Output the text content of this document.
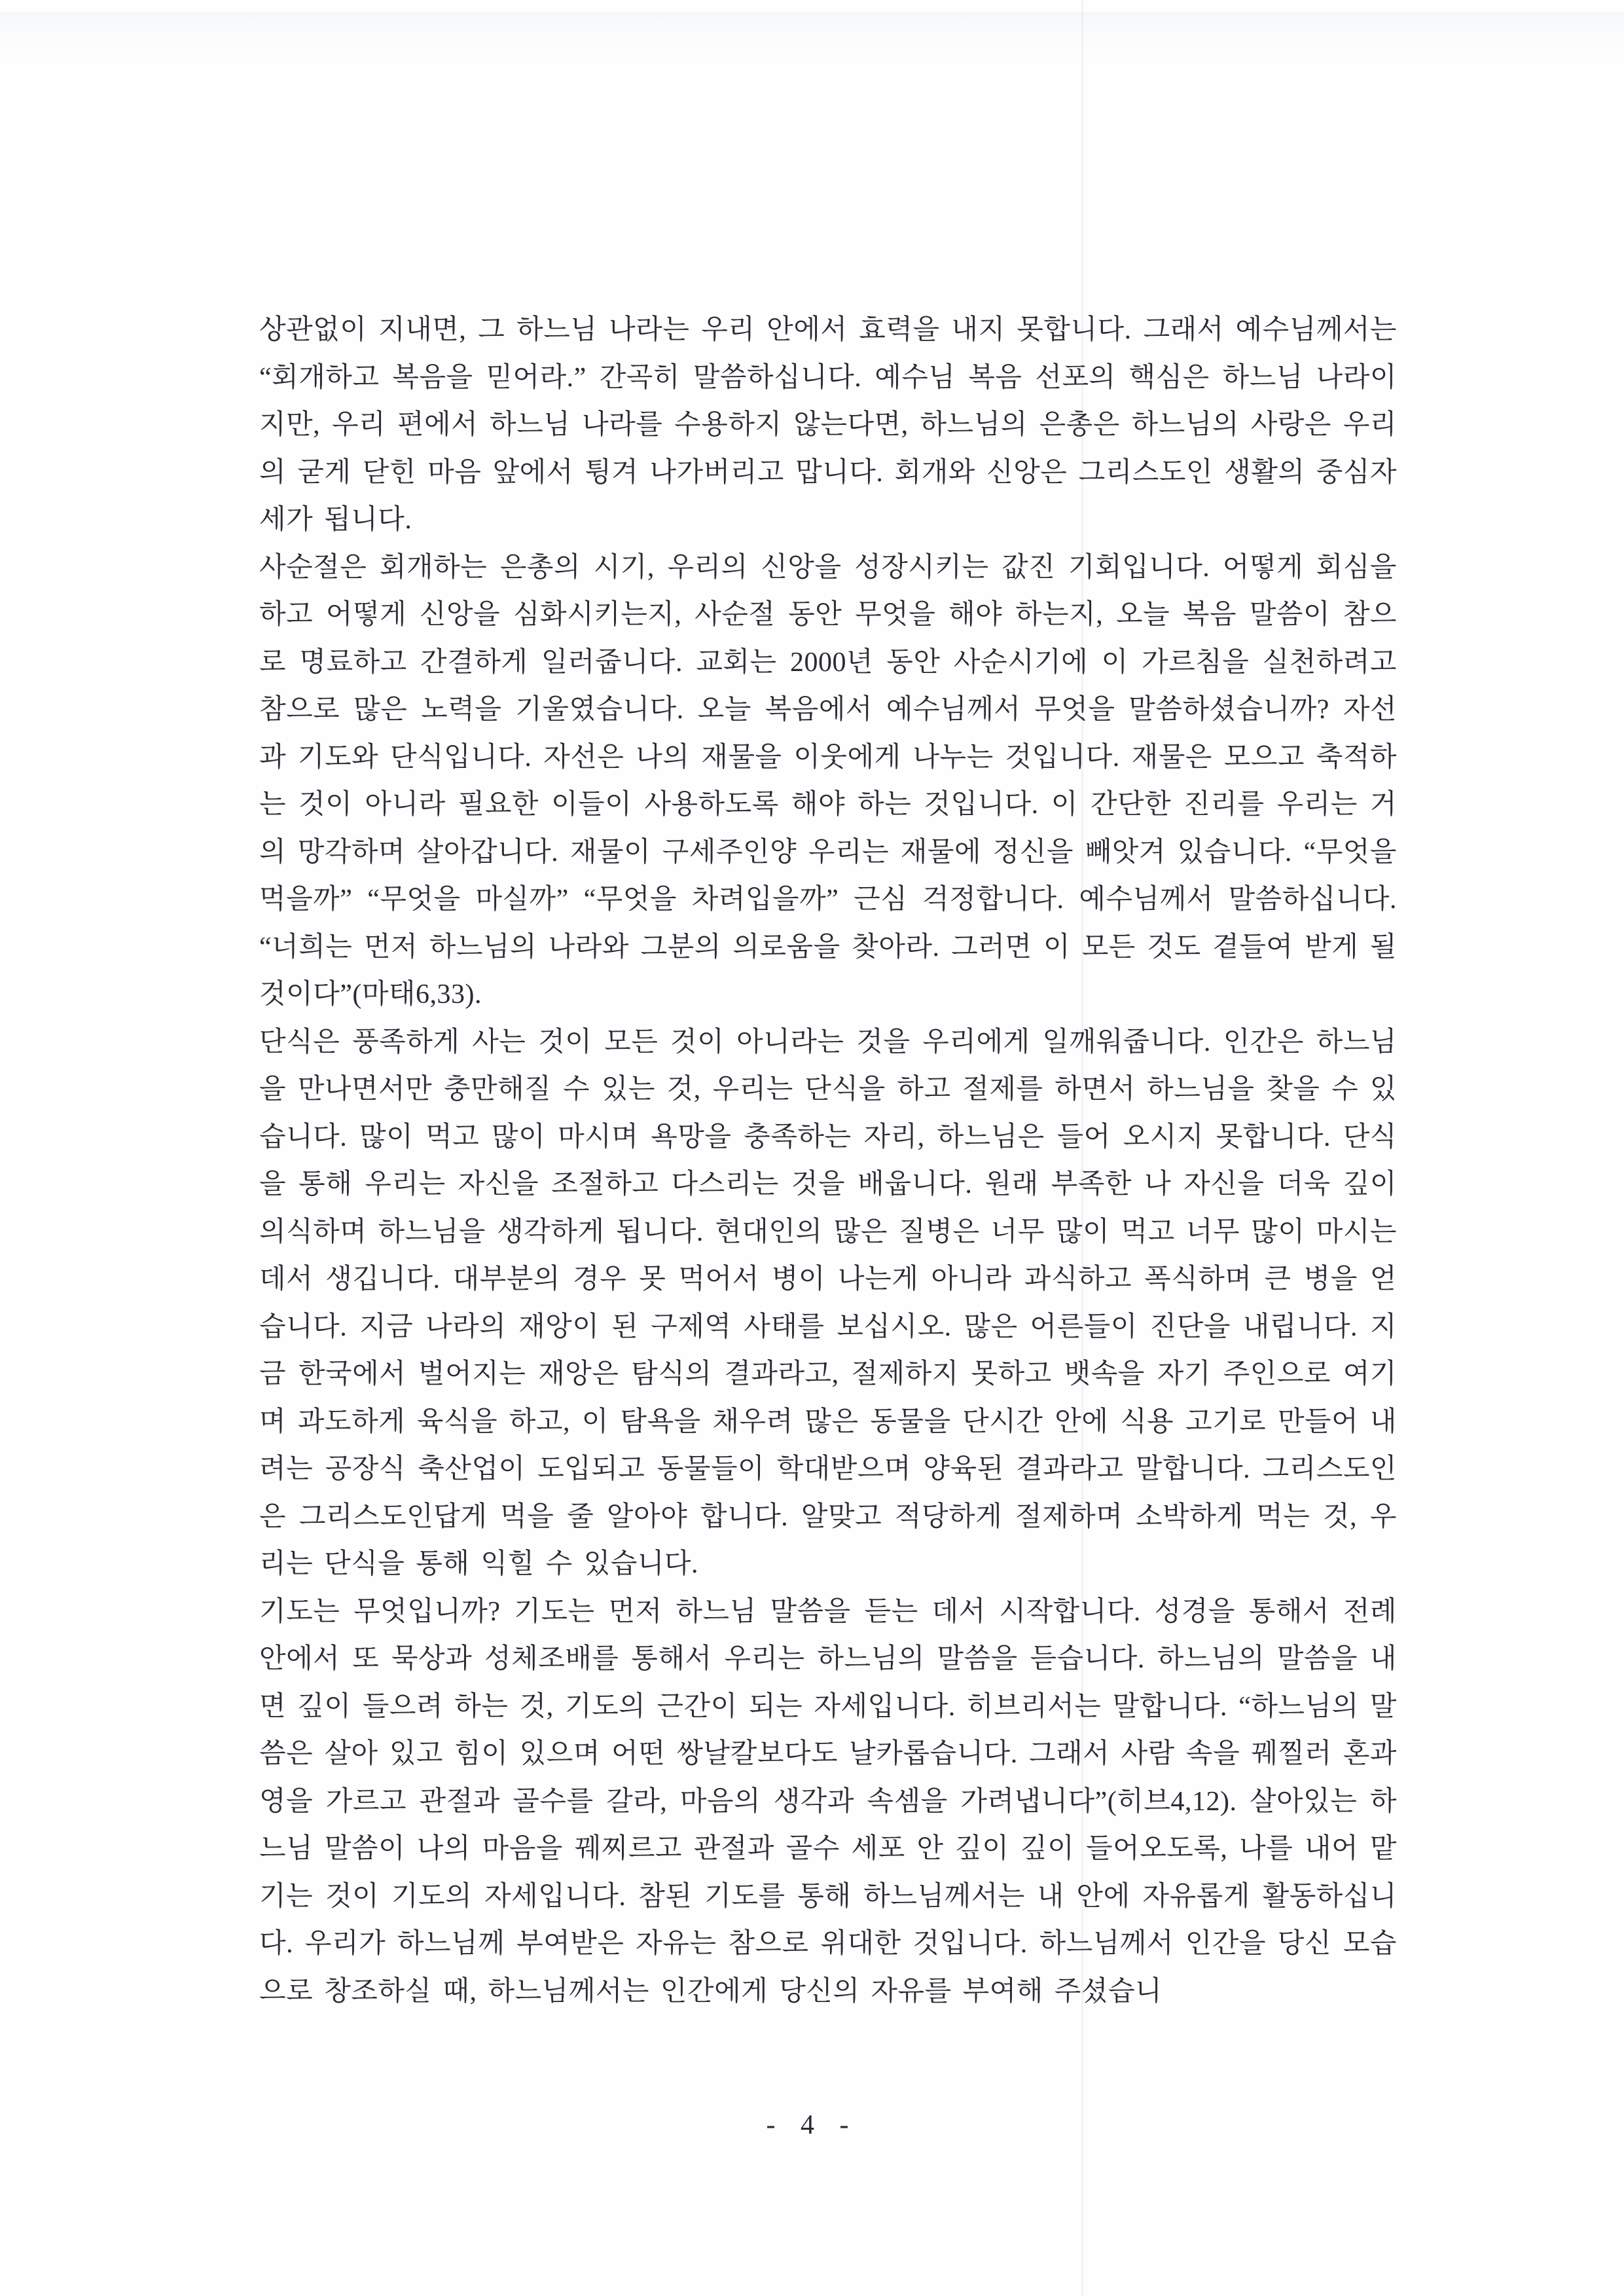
상관없이 지내면, 그 하느님 나라는 우리 안에서 효력을 내지 못합니다. 그래서 예수님께서는 “회개하고 복음을 믿어라.” 간곡히 말씀하십니다. 예수님 복음 선포의 핵심은 하느님 나라이지만, 우리 편에서 하느님 나라를 수용하지 않는다면, 하느님의 은총은 하느님의 사랑은 우리의 굳게 닫힌 마음 앞에서 튕겨 나가버리고 맙니다. 회개와 신앙은 그리스도인 생활의 중심자세가 됩니다.

사순절은 회개하는 은총의 시기, 우리의 신앙을 성장시키는 값진 기회입니다. 어떻게 회심을 하고 어떻게 신앙을 심화시키는지, 사순절 동안 무엇을 해야 하는지, 오늘 복음 말씀이 참으로 명료하고 간결하게 일러줍니다. 교회는 2000년 동안 사순시기에 이 가르침을 실천하려고 참으로 많은 노력을 기울였습니다. 오늘 복음에서 예수님께서 무엇을 말씀하셨습니까? 자선과 기도와 단식입니다. 자선은 나의 재물을 이웃에게 나누는 것입니다. 재물은 모으고 축적하는 것이 아니라 필요한 이들이 사용하도록 해야 하는 것입니다. 이 간단한 진리를 우리는 거의 망각하며 살아갑니다. 재물이 구세주인양 우리는 재물에 정신을 빼앗겨 있습니다. “무엇을 먹을까” “무엇을 마실까” “무엇을 차려입을까” 근심 걱정합니다. 예수님께서 말씀하십니다. “너희는 먼저 하느님의 나라와 그분의 의로움을 찾아라. 그러면 이 모든 것도 곁들여 받게 될 것이다”(마태6,33).

단식은 풍족하게 사는 것이 모든 것이 아니라는 것을 우리에게 일깨워줍니다. 인간은 하느님을 만나면서만 충만해질 수 있는 것, 우리는 단식을 하고 절제를 하면서 하느님을 찾을 수 있습니다. 많이 먹고 많이 마시며 욕망을 충족하는 자리, 하느님은 들어 오시지 못합니다. 단식을 통해 우리는 자신을 조절하고 다스리는 것을 배웁니다. 원래 부족한 나 자신을 더욱 깊이 의식하며 하느님을 생각하게 됩니다. 현대인의 많은 질병은 너무 많이 먹고 너무 많이 마시는 데서 생깁니다. 대부분의 경우 못 먹어서 병이 나는게 아니라 과식하고 폭식하며 큰 병을 얻습니다. 지금 나라의 재앙이 된 구제역 사태를 보십시오. 많은 어른들이 진단을 내립니다. 지금 한국에서 벌어지는 재앙은 탐식의 결과라고, 절제하지 못하고 뱃속을 자기 주인으로 여기며 과도하게 육식을 하고, 이 탐욕을 채우려 많은 동물을 단시간 안에 식용 고기로 만들어 내려는 공장식 축산업이 도입되고 동물들이 학대받으며 양육된 결과라고 말합니다. 그리스도인은 그리스도인답게 먹을 줄 알아야 합니다. 알맞고 적당하게 절제하며 소박하게 먹는 것, 우리는 단식을 통해 익힐 수 있습니다.

기도는 무엇입니까? 기도는 먼저 하느님 말씀을 듣는 데서 시작합니다. 성경을 통해서 전례 안에서 또 묵상과 성체조배를 통해서 우리는 하느님의 말씀을 듣습니다. 하느님의 말씀을 내면 깊이 들으려 하는 것, 기도의 근간이 되는 자세입니다. 히브리서는 말합니다. “하느님의 말씀은 살아 있고 힘이 있으며 어떤 쌍날칼보다도 날카롭습니다. 그래서 사람 속을 꿰찔러 혼과 영을 가르고 관절과 골수를 갈라, 마음의 생각과 속셈을 가려냅니다”(히브4,12). 살아있는 하느님 말씀이 나의 마음을 꿰찌르고 관절과 골수 세포 안 깊이 깊이 들어오도록, 나를 내어 맡기는 것이 기도의 자세입니다. 참된 기도를 통해 하느님께서는 내 안에 자유롭게 활동하십니다. 우리가 하느님께 부여받은 자유는 참으로 위대한 것입니다. 하느님께서 인간을 당신 모습으로 창조하실 때, 하느님께서는 인간에게 당신의 자유를 부여해 주셨습니

- 4 -
